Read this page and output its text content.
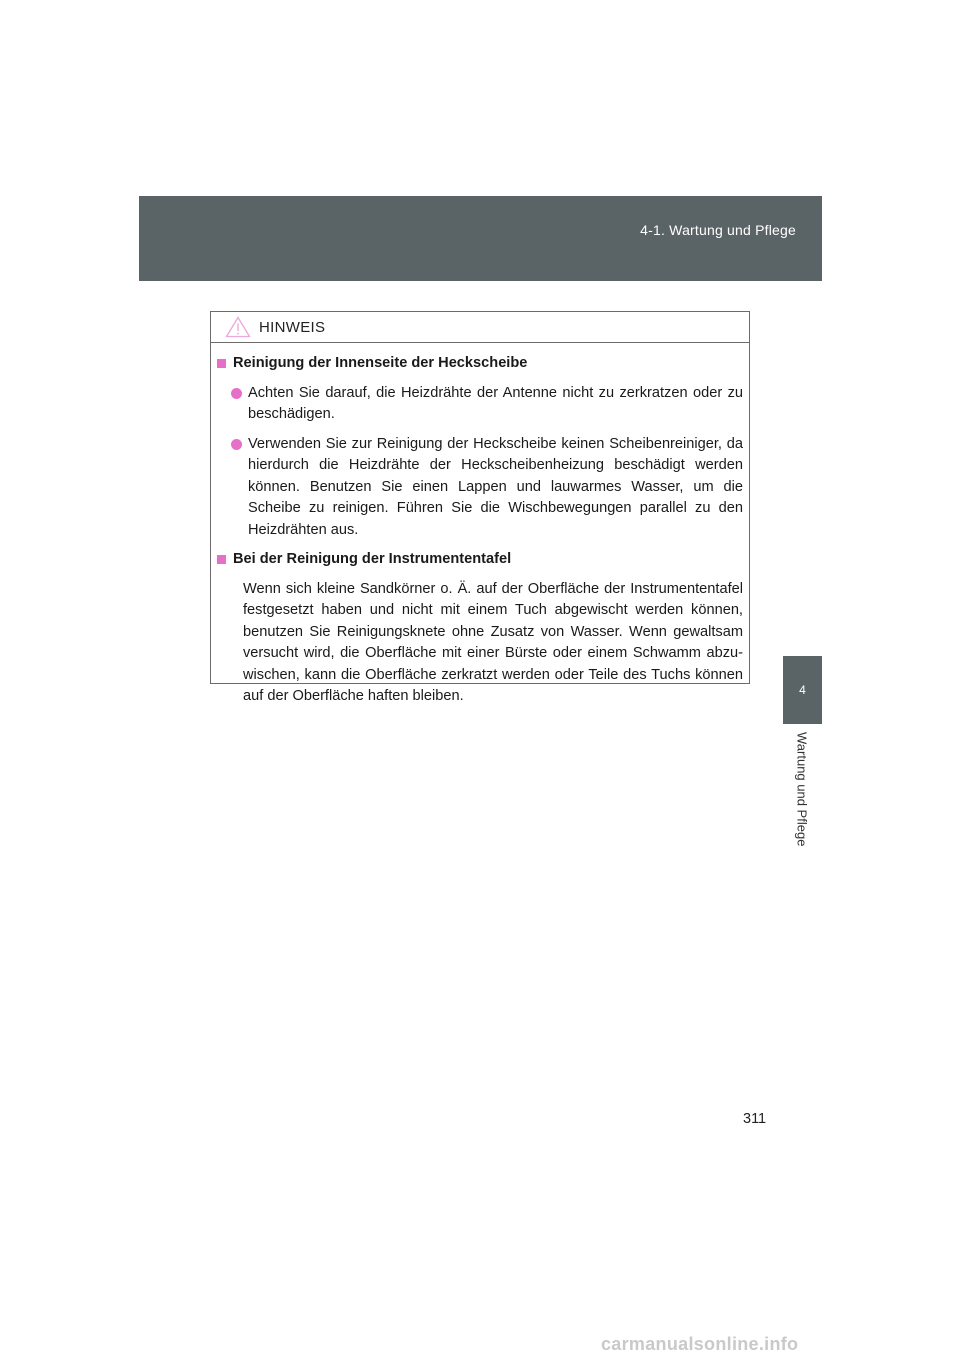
4-1. Wartung und Pflege
4
Wartung und Pflege
HINWEIS
Reinigung der Innenseite der Heckscheibe

Achten Sie darauf, die Heizdrähte der Antenne nicht zu zerkratzen oder zu beschädigen.

Verwenden Sie zur Reinigung der Heckscheibe keinen Scheibenreiniger, da hierdurch die Heizdrähte der Heckscheibenheizung beschädigt werden können. Benutzen Sie einen Lappen und lauwarmes Wasser, um die Scheibe zu reinigen. Führen Sie die Wischbewegungen parallel zu den Heizdrähten aus.

Bei der Reinigung der Instrumententafel

Wenn sich kleine Sandkörner o. Ä. auf der Oberfläche der Instrumententafel festgesetzt haben und nicht mit einem Tuch abgewischt werden können, benutzen Sie Reinigungsknete ohne Zusatz von Wasser. Wenn gewaltsam versucht wird, die Oberfläche mit einer Bürste oder einem Schwamm abzu-wischen, kann die Oberfläche zerkratzt werden oder Teile des Tuchs können auf der Oberfläche haften bleiben.

311
carmanualsonline.info
